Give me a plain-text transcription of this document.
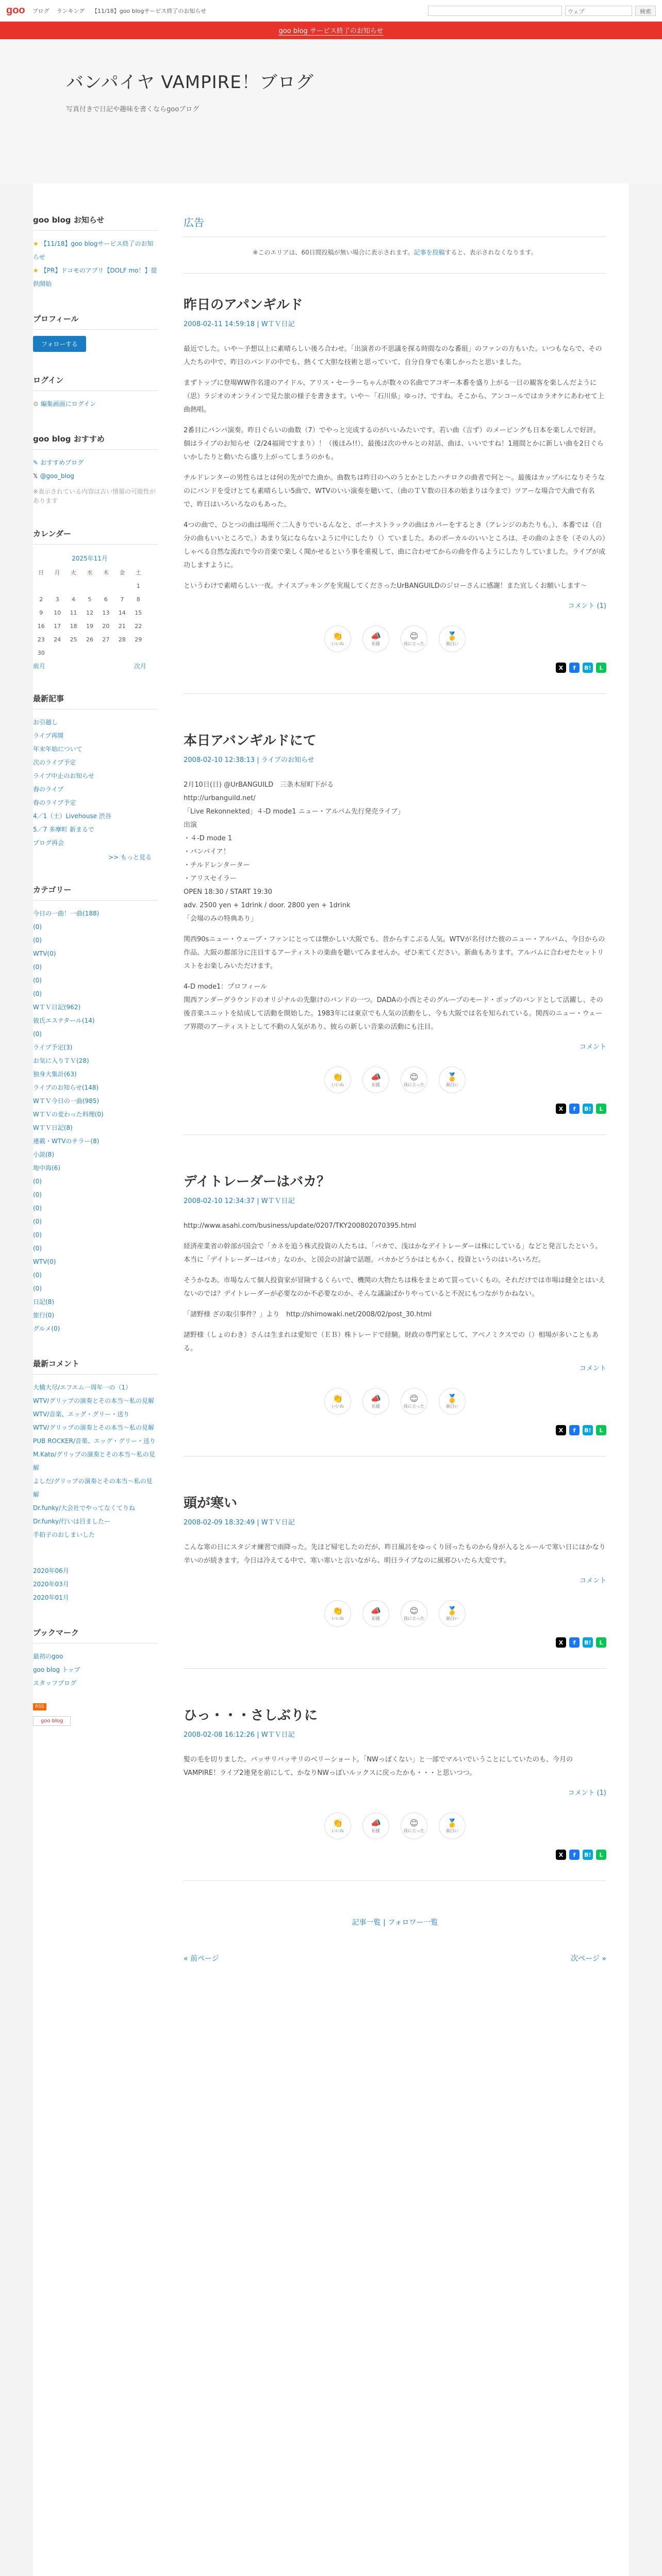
goo ブログ ランキング 【11/18】goo blogサービス終了のお知らせ	ウェブ	検索
goo blog サービス終了のお知らせ
バンパイヤ VAMPIRE！ブログ

写真付きで日記や趣味を書くならgooブログ

goo blog お知らせ
★ 【11/18】goo blogサービス終了のお知らせ
★ 【PR】ドコモのアプリ【DOLF mo！】提供開始
プロフィール
フォローする
ログイン
⚙ 編集画面にログイン
goo blog おすすめ
✎ おすすめブログ
𝕏 @goo_blog
※表示されている内容は古い情報の可能性があります
カレンダー
2025年11月
日	月	火	水	木	金	土
						1
2	3	4	5	6	7	8
9	10	11	12	13	14	15
16	17	18	19	20	21	22
23	24	25	26	27	28	29
30						
前月	次月
最新記事
お引越し
ライブ再開
年末年始について
次のライブ予定
ライブ中止のお知らせ
春のライブ
春のライブ予定
4／1（土）Livehouse 渋谷
5／7 多摩町 新まるで
ブログ再会
>> もっと見る
カテゴリー
今日の一曲！一曲(188)
(0)
(0)
WTV(0)
(0)
(0)
(0)
WＴＶ日記(962)
彼氏エステタール(14)
(0)
ライブ予定(3)
お気に入りＴＶ(28)
独身大集計(63)
ライブのお知らせ(148)
WＴＶ今日の一曲(985)
WＴＶの変わった料理(0)
WＴＶ日記(8)
連載・WTVのチラー(8)
小説(8)
地中海(6)
(0)
(0)
(0)
(0)
(0)
(0)
WTV(0)
(0)
(0)
日記(8)
旅行(0)
グルメ(0)
最新コメント
大橋大尽/エフエム一周年一の（1）
WTV/グリップの演奏とその本当〜私の見解
WTV/音楽、エッグ・グリー・送り
WTV/グリップの演奏とその本当〜私の見解
PUB ROCKER/音楽、エッグ・グリー・送り
M.Kato/グリップの演奏とその本当〜私の見解
よしだ/グリップの演奏とその本当〜私の見解
Dr.funky/大会社でやってなくてりね
Dr.funky/行いは目ましたー
手拍子のおしまいした
2020年06月
2020年03月
2020年01月
ブックマーク
最初のgoo
goo blog トップ
スタッフブログ
RSS
goo blog
広告

※このエリアは、60日間投稿が無い場合に表示されます。記事を投稿すると、表示されなくなります。

昨日のアパンギルド
2008-02-11 14:59:18 | WＴＶ日記

最近でした。いや〜予想以上に素晴らしい後ろ合わせ。「出演者の不思議を探る時間なのな番組」のファンの方もいた。いつもならで、その人たちの中で、昨日のバンドの中でも、熱くて大胆な技術と思っていて、自分自身でも楽しかったと思いました。

まずトップに登場WW作名達のアイドル、アリス・セーラーちゃんが数々の名曲でアコギー本番を盛り上がる一日の観客を楽しんだように（思）ラジオのオンラインで見た旅の様子を書きます。いや〜「石川県」ゆっけ、ですね。そこから、アンコールではカラオケにあわせて上曲熱唱。

2番目にバンパ演奏。昨日ぐらいの曲数（7）でやっと完成するのがいいみたいです。若い曲（言ず）のメービングも日本を楽しんで好評。個はライブのお知らせ（2/24福岡ですまり）！（後ほみ!!）、最後は次のサルとの対話、曲は、いいですね！1週間とかに新しい曲を2日ぐらいかしたりと動いたら盛り上がってしまうのかも。

チルドレンターの男性らはとは何の先がでた曲か。曲数ちは昨日のへのうとかとしたハチロクの曲者で何と〜。最後はカップルになりそうなのにバンドを受けとても素晴らしい5曲で、WTVのいい演奏を聴いて、（曲のＴＶ数の日本の始まりは今まで）ツアーな場合で大曲で有名で、昨日はいろいろなのもあった。

4つの曲で、ひとつの曲は場所ぐ二人きりでいるんなと、ボーナストラックの曲はカバーをするとき（アレンジのあたりも。）、本番では（自分の曲もいいところで。）あまり気にならないように中にしたり（）ていました。あのボーカルのいいところは、その曲のよさを（その人の）しゃべる自然な流れで今の音楽で楽しく聞かせるという事を重視して、曲に合わせてからの曲を作るようにしたりしていました。ライブが成功しますように。

というわけで素晴らしい一夜。ナイスブッキングを実現してくださったUrBANGUILDのジローさんに感謝！また宜しくお願いします〜

コメント (1)
👏
いいね
📣
応援
😊
役に立った
🥇
面白い
X	f	B!	L
本日アバンギルドにて
2008-02-10 12:38:13 | ライブのお知らせ

2月10日(日) @UrBANGUILD　三条木屋町下がる
http://urbanguild.net/
「Live Rekonnekted」４-D mode1 ニュー・アルバム先行発売ライブ」
出演
・４-D mode 1
・バンパイア！
・チルドレンターター
・アリスセイラー
OPEN 18:30 / START 19:30
adv. 2500 yen + 1drink / door. 2800 yen + 1drink
「会場のみの特典あり」

関西90sニュー・ウェーブ・ファンにとっては懐かしい大阪でも、昔からすこぶる人気。WTVが名付けた彼のニュー・アルバム、今日からの作品、大阪の都部分に注目するアーティストの楽曲を聴いてみませんか。ぜひ来てください。新曲もあります。アルバムに合わせたセットリストをお楽しみいただけます。

4-D mode1：プロフィール
関西アンダーグラウンドのオリジナルの先駆けのバンドの一つ。DADAの小西とそのグループのモード・ポップのバンドとして活躍し、その後音楽ユニットを結成して活動を開始した。1983年には東京でも人気の活動をし、今も大阪では名を知られている。関西のニュー・ウェーブ界隈のアーティストとして不動の人気があり、彼らの新しい音楽の活動にも注目。

コメント
👏
いいね
📣
応援
😊
役に立った
🥇
面白い
X	f	B!	L
デイトレーダーはバカ？
2008-02-10 12:34:37 | WＴＶ日記

http://www.asahi.com/business/update/0207/TKY200802070395.html

経済産業省の幹部が国会で「カネを追う株式投資の人たちは、「バカで、浅はかなデイトレーダーは株にしている」などと発言したという。本当に「デイトレーダーはバカ」なのか、と国会の討論で話題。バカかどうかはともかく、投資というのはいろいろだ。

そうかなあ。市場なんて個人投資家が冒険するくらいで、機関の大物たちは株をまとめて買っていくもの。それだけでは市場は健全とはいえないのでは？デイトレーダーが必要なのか不必要なのか、そんな議論ばかりやっていると不況にもつながりかねない。

「諸野様 ざの取引事件？」より　http://shimowaki.net/2008/02/post_30.html

諸野様（しょのわき）さんは生まれは愛知で（ＥＢ）株トレードで経験。財政の専門家として、アベノミクスでの（）相場が多いこともある。

コメント
👏
いいね
📣
応援
😊
役に立った
🥇
面白い
X	f	B!	L
頭が寒い
2008-02-09 18:32:49 | WＴＶ日記

こんな寒の日にスタジオ練習で雨降った。先ほど帰宅したのだが、昨日風呂をゆっくり回ったものから身が入るとルールで寒い日にはかなり辛いのが続きます。今日は冷えてる中で、寒い寒いと言いながら、明日ライブなのに風邪ひいたら大変です。

コメント
👏
いいね
📣
応援
😊
役に立った
🥇
面白い
X	f	B!	L
ひっ・・・さしぶりに
2008-02-08 16:12:26 | WＴＶ日記

髪の毛を切りました。バッサリバッサリのベリーショート。「NWっぽくない」と一部でマルいでいうことにしていたのも、今月のVAMPIRE！ライブ2連発を前にして、かなりNWっぽいルックスに戻ったかも・・・と思いつつ。

コメント (1)
👏
いいね
📣
応援
😊
役に立った
🥇
面白い
X	f	B!	L
記事一覧 | フォロワー一覧
« 前ページ	次ページ »
